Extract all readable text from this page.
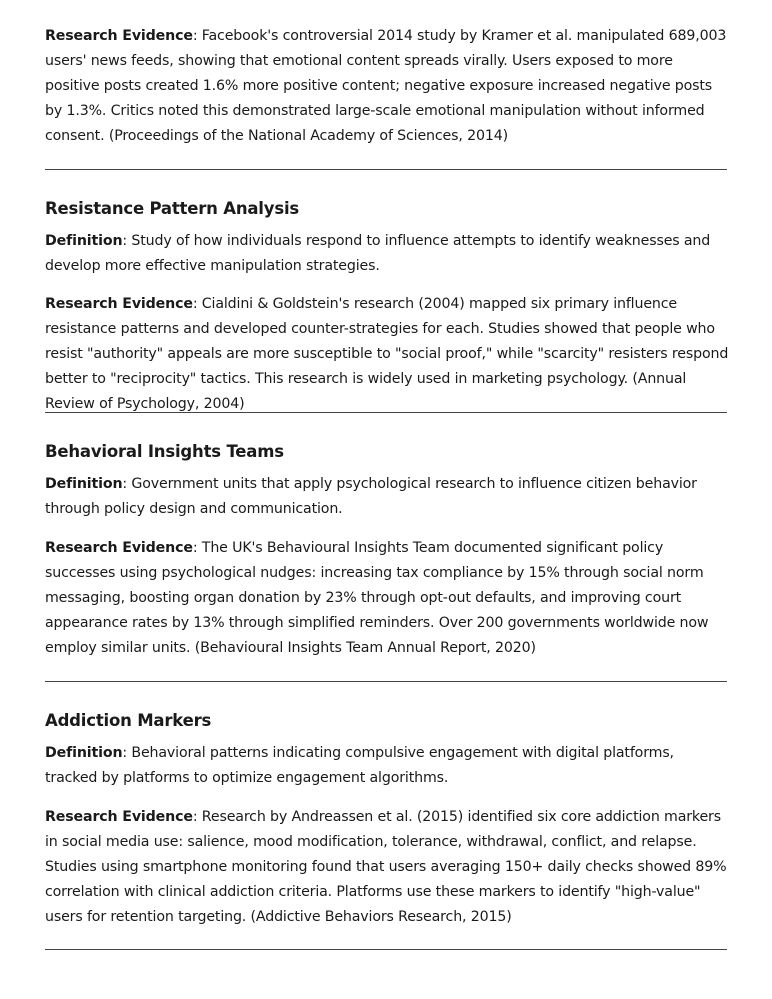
Research Evidence: Facebook's controversial 2014 study by Kramer et al. manipulated 689,003 users' news feeds, showing that emotional content spreads virally. Users exposed to more positive posts created 1.6% more positive content; negative exposure increased negative posts by 1.3%. Critics noted this demonstrated large-scale emotional manipulation without informed consent. (Proceedings of the National Academy of Sciences, 2014)

Resistance Pattern Analysis

Definition: Study of how individuals respond to influence attempts to identify weaknesses and develop more effective manipulation strategies.

Research Evidence: Cialdini & Goldstein's research (2004) mapped six primary influence resistance patterns and developed counter-strategies for each. Studies showed that people who resist "authority" appeals are more susceptible to "social proof," while "scarcity" resisters respond better to "reciprocity" tactics. This research is widely used in marketing psychology. (Annual Review of Psychology, 2004)

Behavioral Insights Teams

Definition: Government units that apply psychological research to influence citizen behavior through policy design and communication.

Research Evidence: The UK's Behavioural Insights Team documented significant policy successes using psychological nudges: increasing tax compliance by 15% through social norm messaging, boosting organ donation by 23% through opt-out defaults, and improving court appearance rates by 13% through simplified reminders. Over 200 governments worldwide now employ similar units. (Behavioural Insights Team Annual Report, 2020)

Addiction Markers

Definition: Behavioral patterns indicating compulsive engagement with digital platforms, tracked by platforms to optimize engagement algorithms.

Research Evidence: Research by Andreassen et al. (2015) identified six core addiction markers in social media use: salience, mood modification, tolerance, withdrawal, conflict, and relapse. Studies using smartphone monitoring found that users averaging 150+ daily checks showed 89% correlation with clinical addiction criteria. Platforms use these markers to identify "high-value" users for retention targeting. (Addictive Behaviors Research, 2015)
